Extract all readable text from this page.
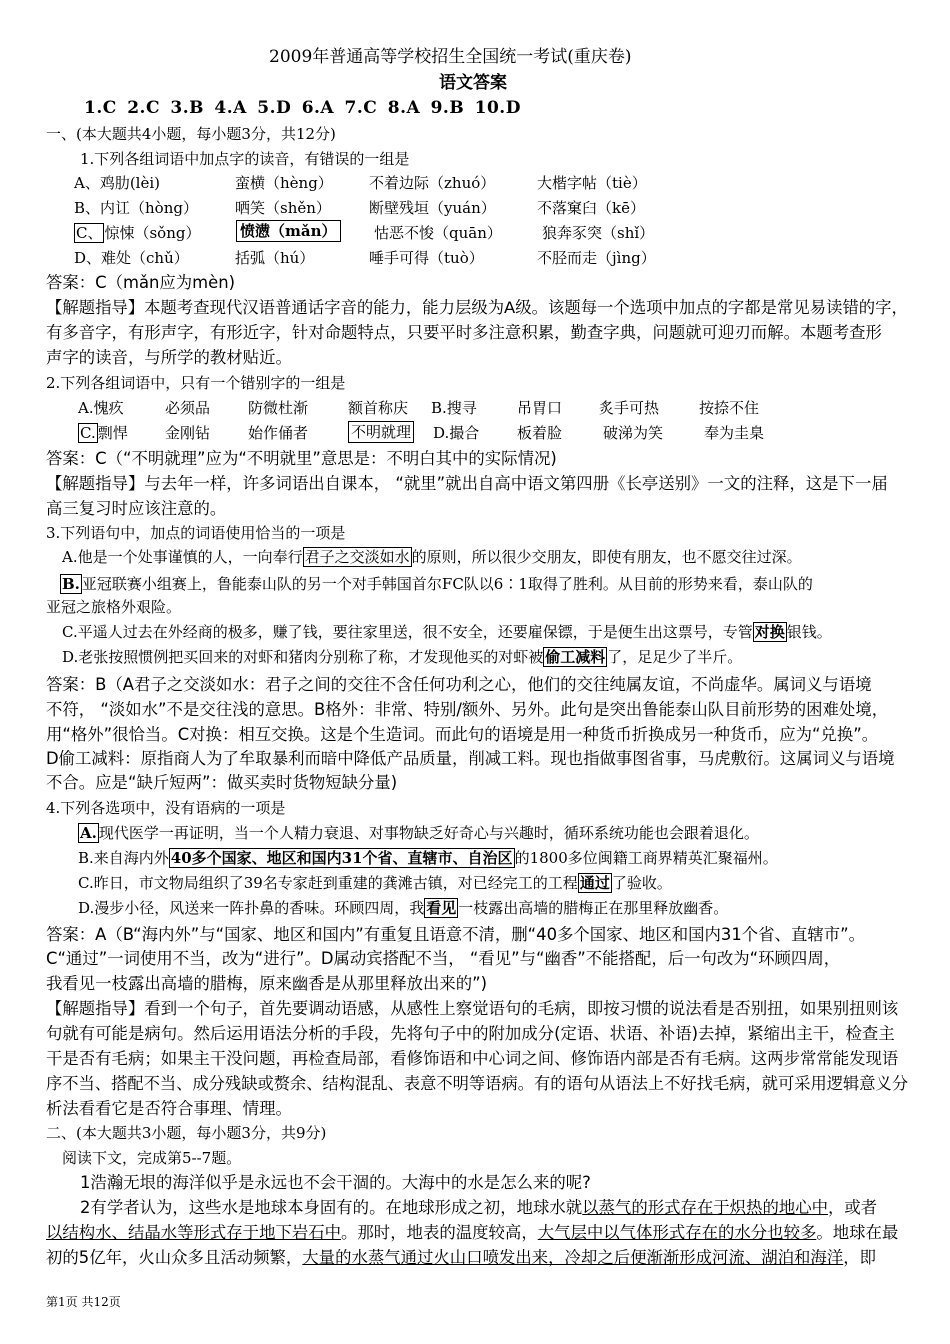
2009年普通高等学校招生全国统一考试(重庆卷)
语文答案
1.C 2.C 3.B 4.A 5.D 6.A 7.C 8.A 9.B 10.D
一、(本大题共4小题，每小题3分，共12分)
1.下列各组词语中加点字的读音，有错误的一组是
A、鸡肋(lèi)	蛮横（hèng） 不着边际（zhuó）	大楷字帖（tiè）
B、内讧（hòng） 哂笑（shěn）	断壁残垣（yuán）	不落窠臼（kē）
C、 惊悚（sǒng）	愤懑（mǎn）	怙恶不悛（quān）	狼奔豕突（shǐ）
D、难处（chǔ）	括弧（hú）	唾手可得（tuò）	不胫而走（jìng）
答案：C（mǎn应为mèn)
【解题指导】本题考查现代汉语普通话字音的能力，能力层级为A级。该题每一个选项中加点的字都是常见易读错的字，
有多音字，有形声字，有形近字，针对命题特点，只要平时多注意积累，勤查字典，问题就可迎刃而解。本题考查形
声字的读音，与所学的教材贴近。
2.下列各组词语中，只有一个错别字的一组是
A.愧疚	必须品	防微杜渐	额首称庆 B.搜寻	吊胃口 炙手可热	按捺不住
C. 剽悍 金刚钻	始作俑者	不明就理 D.撮合	板着脸	破涕为笑	奉为圭臬
答案：C（“不明就理”应为“不明就里”意思是：不明白其中的实际情况)
【解题指导】与去年一样，许多词语出自课本， “就里”就出自高中语文第四册《长亭送别》一文的注释，这是下一届
高三复习时应该注意的。
3.下列语句中，加点的词语使用恰当的一项是
A.他是一个处事谨慎的人，一向奉行 君子之交淡如水 的原则，所以很少交朋友，即使有朋友，也不愿交往过深。
B. 亚冠联赛小组赛上，鲁能泰山队的另一个对手韩国首尔FC队以6∶1取得了胜利。从目前的形势来看，泰山队的
亚冠之旅格外艰险。
C.平遥人过去在外经商的极多，赚了钱，要往家里送，很不安全，还要雇保镖，于是便生出这票号，专管 对换 银钱。
D.老张按照惯例把买回来的对虾和猪肉分别称了称，才发现他买的对虾被 偷工减料 了，足足少了半斤。
答案：B（A君子之交淡如水：君子之间的交往不含任何功利之心，他们的交往纯属友谊，不尚虚华。属词义与语境
不符， “淡如水”不是交往浅的意思。B格外：非常、特别/额外、另外。此句是突出鲁能泰山队目前形势的困难处境，
用“格外”很恰当。C对换：相互交换。这是个生造词。而此句的语境是用一种货币折换成另一种货币，应为“兑换”。
D偷工减料：原指商人为了牟取暴利而暗中降低产品质量，削减工料。现也指做事图省事，马虎敷衍。这属词义与语境
不合。应是“缺斤短两”：做买卖时货物短缺分量)
4.下列各选项中，没有语病的一项是
A. 现代医学一再证明，当一个人精力衰退、对事物缺乏好奇心与兴趣时，循环系统功能也会跟着退化。
B.来自海内外 40多个国家、地区和国内31个省、直辖市、自治区 的1800多位闽籍工商界精英汇聚福州。
C.昨日，市文物局组织了39名专家赶到重建的龚滩古镇，对已经完工的工程 通过 了验收。
D.漫步小径，风送来一阵扑鼻的香味。环顾四周，我 看见 一枝露出高墙的腊梅正在那里释放幽香。
答案：A（B“海内外”与“国家、地区和国内”有重复且语意不清，删“40多个国家、地区和国内31个省、直辖市”。
C“通过”一词使用不当，改为“进行”。D属动宾搭配不当， “看见”与“幽香”不能搭配，后一句改为“环顾四周，
我看见一枝露出高墙的腊梅，原来幽香是从那里释放出来的”)
【解题指导】看到一个句子，首先要调动语感，从感性上察觉语句的毛病，即按习惯的说法看是否别扭，如果别扭则该
句就有可能是病句。然后运用语法分析的手段，先将句子中的附加成分(定语、状语、补语)去掉，紧缩出主干，检查主
干是否有毛病；如果主干没问题，再检查局部，看修饰语和中心词之间、修饰语内部是否有毛病。这两步常常能发现语
序不当、搭配不当、成分残缺或赘余、结构混乱、表意不明等语病。有的语句从语法上不好找毛病，就可采用逻辑意义分
析法看看它是否符合事理、情理。
二、(本大题共3小题，每小题3分，共9分)
阅读下文，完成第5--7题。
1浩瀚无垠的海洋似乎是永远也不会干涸的。大海中的水是怎么来的呢?
2有学者认为，这些水是地球本身固有的。在地球形成之初，地球水就以蒸气的形式存在于炽热的地心中，或者
以结构水、结晶水等形式存于地下岩石中。那时，地表的温度较高，大气层中以气体形式存在的水分也较多。地球在最
初的5亿年，火山众多且活动频繁，大量的水蒸气通过火山口喷发出来，冷却之后便渐渐形成河流、湖泊和海洋，即
第1页 共12页
